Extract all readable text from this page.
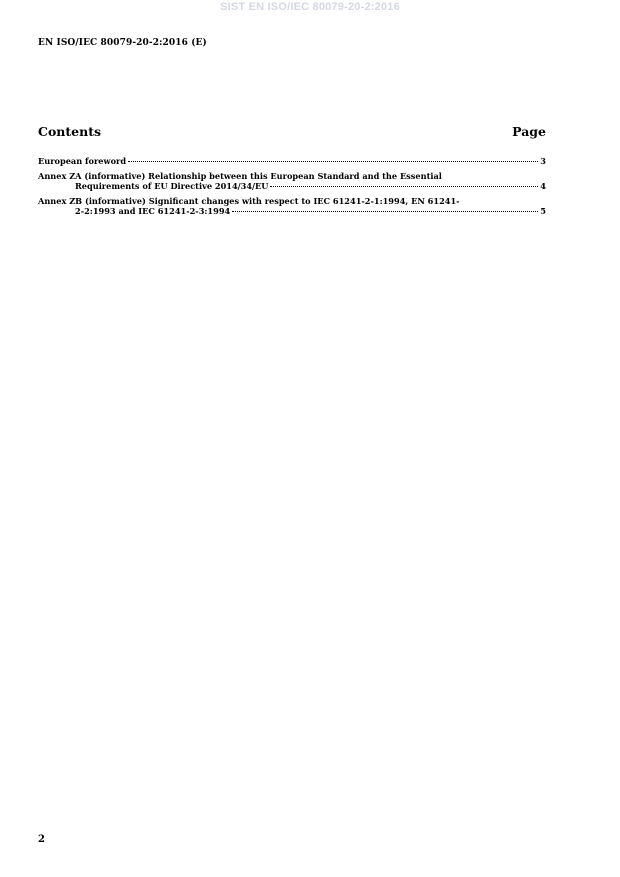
SIST EN ISO/IEC 80079-20-2:2016
EN ISO/IEC 80079-20-2:2016 (E)
Contents	Page
European foreword	3
Annex ZA (informative) Relationship between this European Standard and the Essential
Requirements of EU Directive 2014/34/EU	4
Annex ZB (informative) Significant changes with respect to IEC 61241-2-1:1994, EN 61241-
2-2:1993 and IEC 61241-2-3:1994	5
2
